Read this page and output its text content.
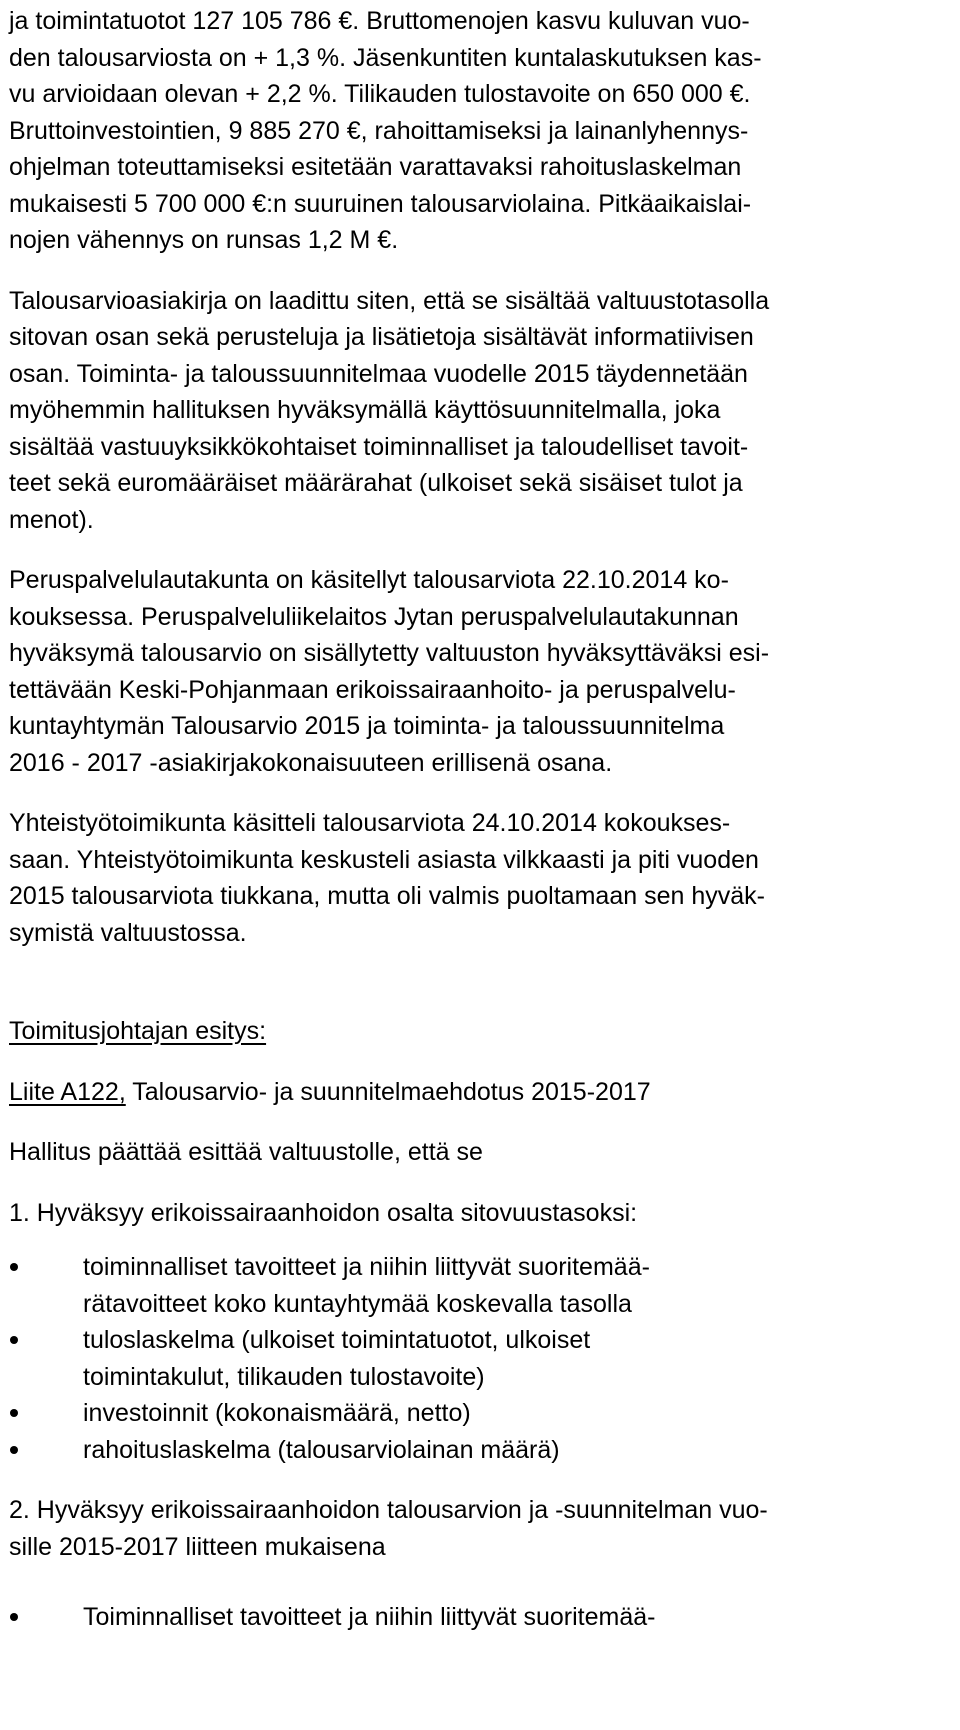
ja toimintatuotot 127 105 786 €. Bruttomenojen kasvu kuluvan vuo-
den talousarviosta on + 1,3 %. Jäsenkuntiten kuntalaskutuksen kas-
vu arvioidaan olevan + 2,2 %. Tilikauden tulostavoite on 650 000 €.
Bruttoinvestointien, 9 885 270 €, rahoittamiseksi ja lainanlyhennys-
ohjelman toteuttamiseksi esitetään varattavaksi rahoituslaskelman
mukaisesti 5 700 000 €:n suuruinen talousarviolaina. Pitkäaikaislai-
nojen vähennys on runsas 1,2 M €.
Talousarvioasiakirja on laadittu siten, että se sisältää valtuustotasolla
sitovan osan sekä perusteluja ja lisätietoja sisältävät informatiivisen
osan. Toiminta- ja taloussuunnitelmaa vuodelle 2015 täydennetään
myöhemmin hallituksen hyväksymällä käyttösuunnitelmalla, joka
sisältää vastuuyksikkökohtaiset toiminnalliset ja taloudelliset tavoit-
teet sekä euromääräiset määrärahat (ulkoiset sekä sisäiset tulot ja
menot).
Peruspalvelulautakunta on käsitellyt talousarviota 22.10.2014 ko-
kouksessa. Peruspalveluliikelaitos Jytan peruspalvelulautakunnan
hyväksymä talousarvio on sisällytetty valtuuston hyväksyttäväksi esi-
tettävään Keski-Pohjanmaan erikoissairaanhoito- ja peruspalvelu-
kuntayhtymän Talousarvio 2015 ja toiminta- ja taloussuunnitelma
2016 - 2017 -asiakirjakokonaisuuteen erillisenä osana.
Yhteistyötoimikunta käsitteli talousarviota 24.10.2014 kokoukses-
saan. Yhteistyötoimikunta keskusteli asiasta vilkkaasti ja piti vuoden
2015 talousarviota tiukkana, mutta oli valmis puoltamaan sen hyväk-
symistä valtuustossa.
Toimitusjohtajan esitys:
Liite A122, Talousarvio- ja suunnitelmaehdotus 2015-2017
Hallitus päättää esittää valtuustolle, että se
1. Hyväksyy erikoissairaanhoidon osalta sitovuustasoksi:
toiminnalliset tavoitteet ja niihin liittyvät suoritemää-
rätavoitteet koko kuntayhtymää koskevalla tasolla
tuloslaskelma (ulkoiset toimintatuotot, ulkoiset
toimintakulut, tilikauden tulostavoite)
investoinnit (kokonaismäärä, netto)
rahoituslaskelma (talousarviolainan määrä)
2. Hyväksyy erikoissairaanhoidon talousarvion ja -suunnitelman vuo-
sille 2015-2017 liitteen mukaisena
Toiminnalliset tavoitteet ja niihin liittyvät suoritemää-
